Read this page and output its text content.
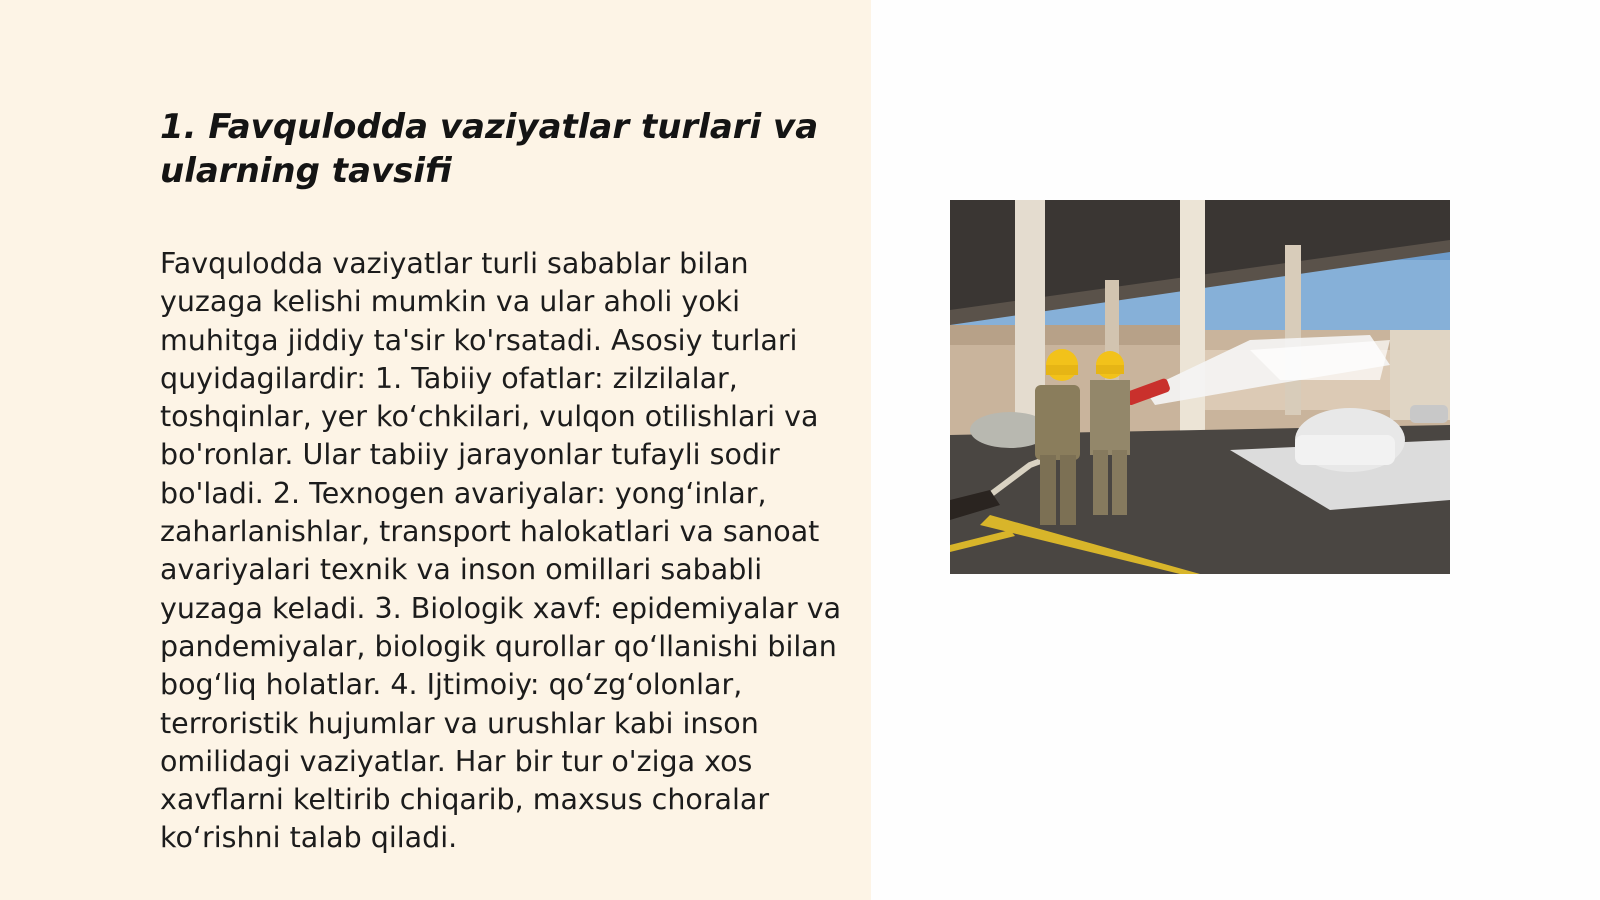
1. Favqulodda vaziyatlar turlari va ularning tavsifi

Favqulodda vaziyatlar turli sabablar bilan yuzaga kelishi mumkin va ular aholi yoki muhitga jiddiy ta'sir ko'rsatadi. Asosiy turlari quyidagilardir: 1. Tabiiy ofatlar: zilzilalar, toshqinlar, yer ko‘chkilari, vulqon otilishlari va bo'ronlar. Ular tabiiy jarayonlar tufayli sodir bo'ladi. 2. Texnogen avariyalar: yong‘inlar, zaharlanishlar, transport halokatlari va sanoat avariyalari texnik va inson omillari sababli yuzaga keladi. 3. Biologik xavf: epidemiyalar va pandemiyalar, biologik qurollar qo‘llanishi bilan bog‘liq holatlar. 4. Ijtimoiy: qo‘zg‘olonlar, terroristik hujumlar va urushlar kabi inson omilidagi vaziyatlar. Har bir tur o'ziga xos xavflarni keltirib chiqarib, maxsus choralar ko‘rishni talab qiladi.
